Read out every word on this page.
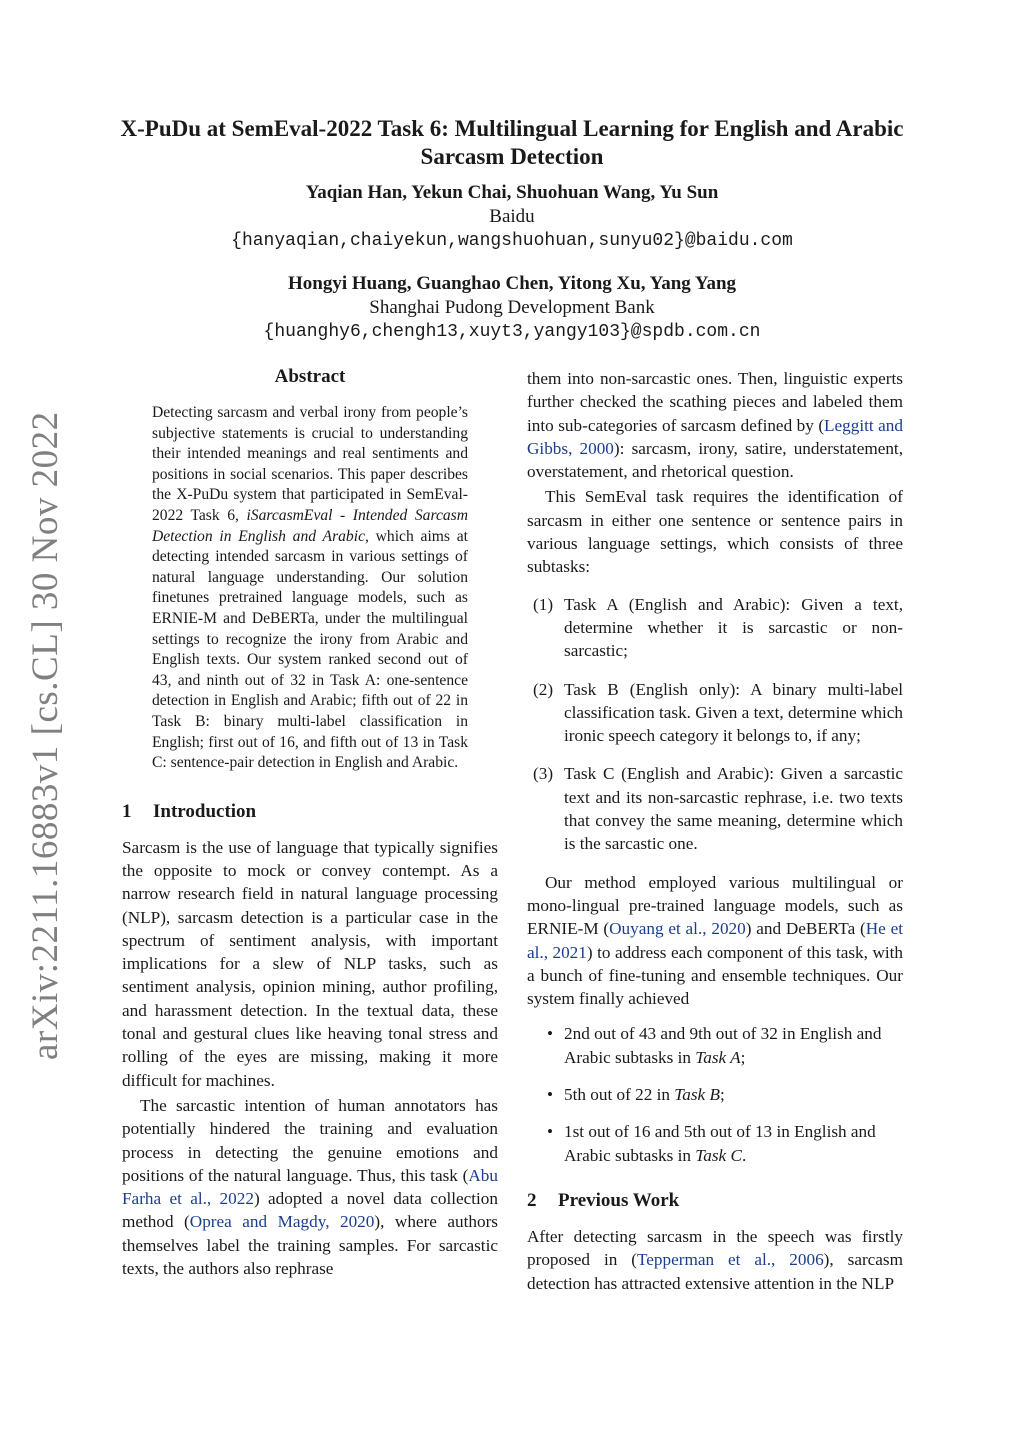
arXiv:2211.16883v1 [cs.CL] 30 Nov 2022
X-PuDu at SemEval-2022 Task 6: Multilingual Learning for English and Arabic Sarcasm Detection
Yaqian Han, Yekun Chai, Shuohuan Wang, Yu Sun
Baidu
{hanyaqian,chaiyekun,wangshuohuan,sunyu02}@baidu.com
Hongyi Huang, Guanghao Chen, Yitong Xu, Yang Yang
Shanghai Pudong Development Bank
{huanghy6,chengh13,xuyt3,yangy103}@spdb.com.cn
Abstract

Detecting sarcasm and verbal irony from people’s subjective statements is crucial to understanding their intended meanings and real sentiments and positions in social scenarios. This paper describes the X-PuDu system that participated in SemEval-2022 Task 6, iSarcasmEval - Intended Sarcasm Detection in English and Arabic, which aims at detecting intended sarcasm in various settings of natural language understanding. Our solution finetunes pretrained language models, such as ERNIE-M and DeBERTa, under the multilingual settings to recognize the irony from Arabic and English texts. Our system ranked second out of 43, and ninth out of 32 in Task A: one-sentence detection in English and Arabic; fifth out of 22 in Task B: binary multi-label classification in English; first out of 16, and fifth out of 13 in Task C: sentence-pair detection in English and Arabic.

1 Introduction

Sarcasm is the use of language that typically signifies the opposite to mock or convey contempt. As a narrow research field in natural language processing (NLP), sarcasm detection is a particular case in the spectrum of sentiment analysis, with important implications for a slew of NLP tasks, such as sentiment analysis, opinion mining, author profiling, and harassment detection. In the textual data, these tonal and gestural clues like heaving tonal stress and rolling of the eyes are missing, making it more difficult for machines.

The sarcastic intention of human annotators has potentially hindered the training and evaluation process in detecting the genuine emotions and positions of the natural language. Thus, this task (Abu Farha et al., 2022) adopted a novel data collection method (Oprea and Magdy, 2020), where authors themselves label the training samples. For sarcastic texts, the authors also rephrase

them into non-sarcastic ones. Then, linguistic experts further checked the scathing pieces and labeled them into sub-categories of sarcasm defined by (Leggitt and Gibbs, 2000): sarcasm, irony, satire, understatement, overstatement, and rhetorical question.

This SemEval task requires the identification of sarcasm in either one sentence or sentence pairs in various language settings, which consists of three subtasks:

(1) Task A (English and Arabic): Given a text, determine whether it is sarcastic or non-sarcastic;
(2) Task B (English only): A binary multi-label classification task. Given a text, determine which ironic speech category it belongs to, if any;
(3) Task C (English and Arabic): Given a sarcastic text and its non-sarcastic rephrase, i.e. two texts that convey the same meaning, determine which is the sarcastic one.

Our method employed various multilingual or mono-lingual pre-trained language models, such as ERNIE-M (Ouyang et al., 2020) and DeBERTa (He et al., 2021) to address each component of this task, with a bunch of fine-tuning and ensemble techniques. Our system finally achieved

• 2nd out of 43 and 9th out of 32 in English and Arabic subtasks in Task A;
• 5th out of 22 in Task B;
• 1st out of 16 and 5th out of 13 in English and Arabic subtasks in Task C.
2 Previous Work

After detecting sarcasm in the speech was firstly proposed in (Tepperman et al., 2006), sarcasm detection has attracted extensive attention in the NLP
